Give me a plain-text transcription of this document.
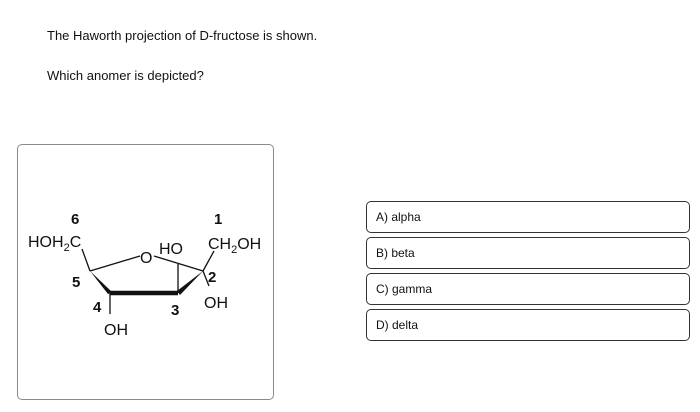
The Haworth projection of D-fructose is shown.

Which anomer is depicted?

6	1
5
4	3
2
$HOH_2C$
O
HO $CH_2OH$
OH
OH
A) alpha
B) beta
C) gamma
D) delta
